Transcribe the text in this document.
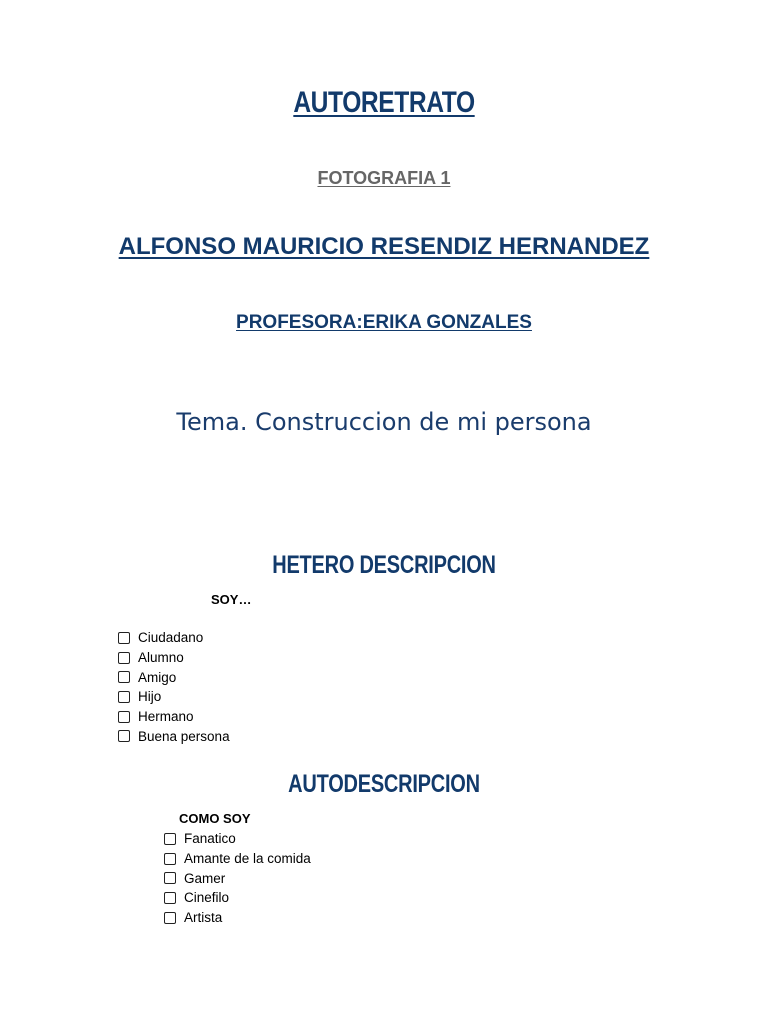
AUTORETRATO
FOTOGRAFIA 1
ALFONSO MAURICIO RESENDIZ HERNANDEZ
PROFESORA:ERIKA GONZALES
Tema. Construccion de mi persona
HETERO DESCRIPCION
SOY…
Ciudadano
Alumno
Amigo
Hijo
Hermano
Buena persona
AUTODESCRIPCION
COMO SOY
Fanatico
Amante de la comida
Gamer
Cinefilo
Artista
